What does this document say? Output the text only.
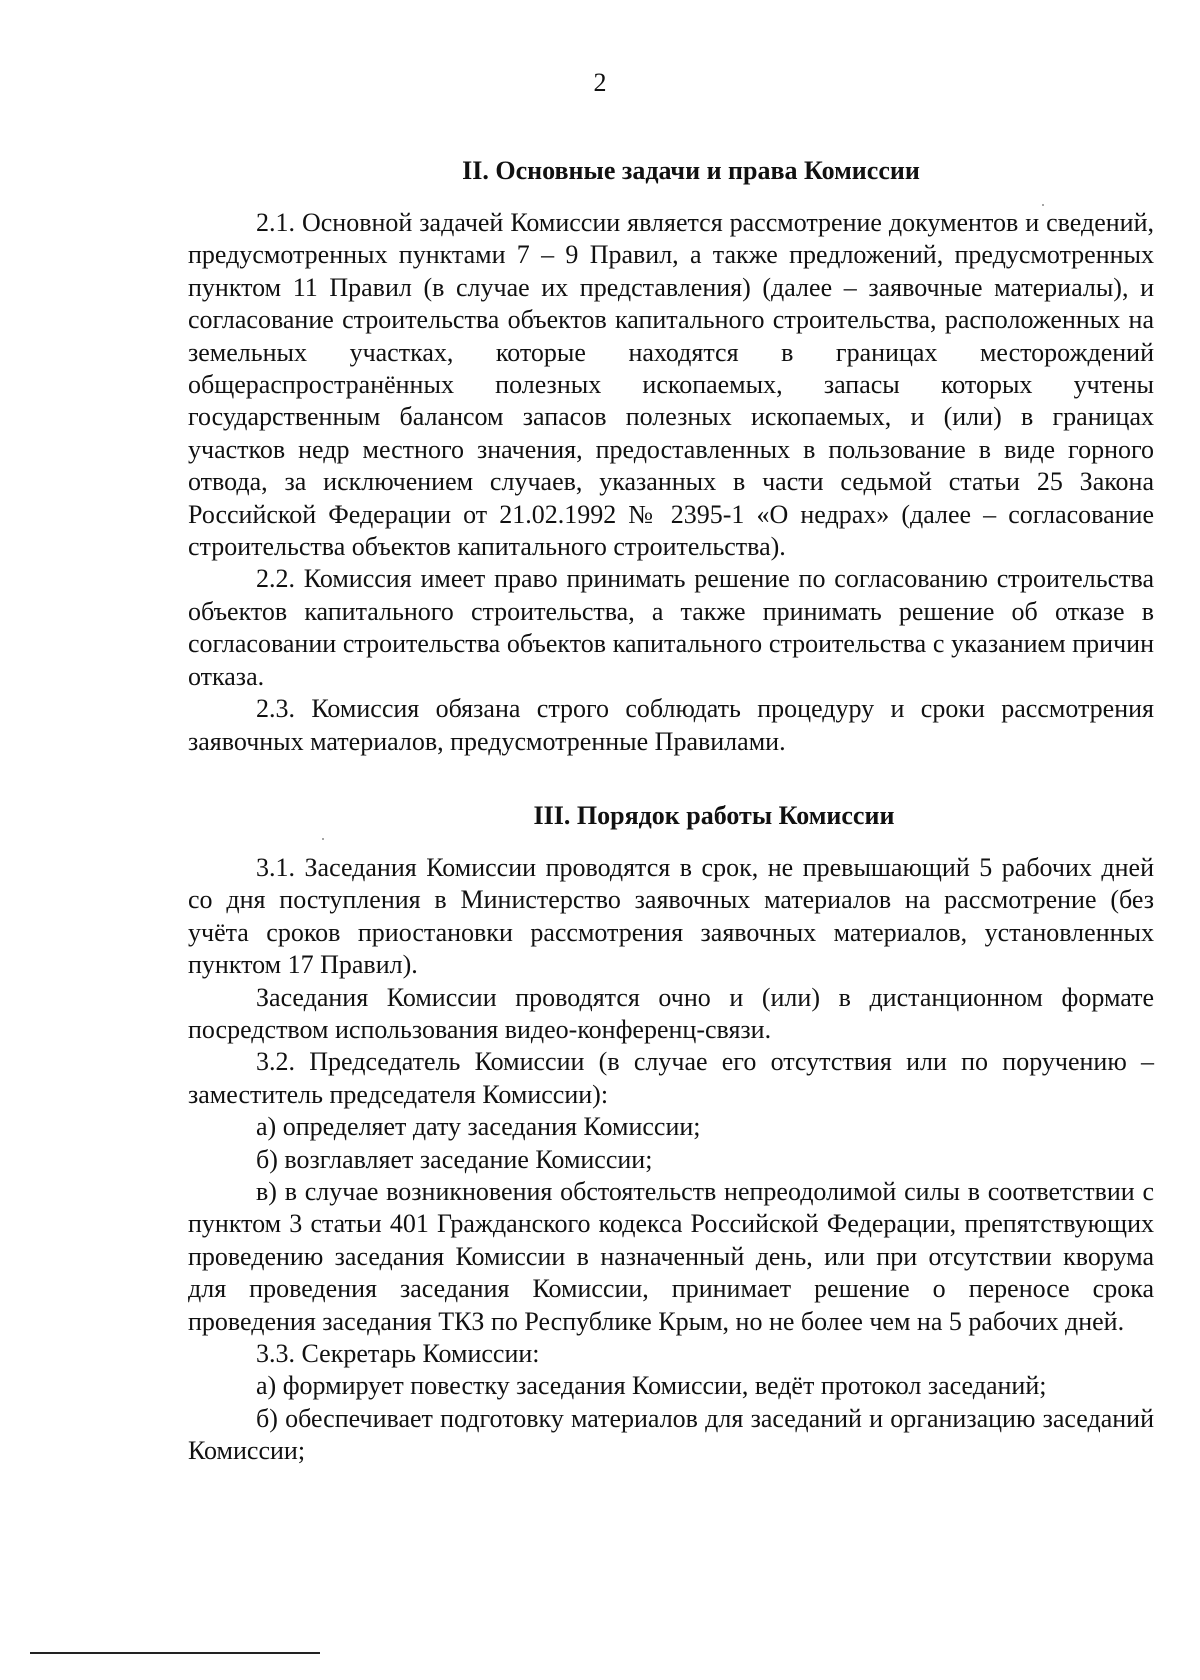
2
II. Основные задачи и права Комиссии

2.1. Основной задачей Комиссии является рассмотрение документов и сведений, предусмотренных пунктами 7 – 9 Правил, а также предложений, предусмотренных пунктом 11 Правил (в случае их представления) (далее – заявочные материалы), и согласование строительства объектов капитального строительства, расположенных на земельных участках, которые находятся в границах месторождений общераспространённых полезных ископаемых, запасы которых учтены государственным балансом запасов полезных ископаемых, и (или) в границах участков недр местного значения, предоставленных в пользование в виде горного отвода, за исключением случаев, указанных в части седьмой статьи 25 Закона Российской Федерации от 21.02.1992 № 2395-1 «О недрах» (далее – согласование строительства объектов капитального строительства).

2.2. Комиссия имеет право принимать решение по согласованию строительства объектов капитального строительства, а также принимать решение об отказе в согласовании строительства объектов капитального строительства с указанием причин отказа.

2.3. Комиссия обязана строго соблюдать процедуру и сроки рассмотрения заявочных материалов, предусмотренные Правилами.

III. Порядок работы Комиссии

3.1. Заседания Комиссии проводятся в срок, не превышающий 5 рабочих дней со дня поступления в Министерство заявочных материалов на рассмотрение (без учёта сроков приостановки рассмотрения заявочных материалов, установленных пунктом 17 Правил).

Заседания Комиссии проводятся очно и (или) в дистанционном формате посредством использования видео-конференц-связи.

3.2. Председатель Комиссии (в случае его отсутствия или по поручению – заместитель председателя Комиссии):

а) определяет дату заседания Комиссии;

б) возглавляет заседание Комиссии;

в) в случае возникновения обстоятельств непреодолимой силы в соответствии с пунктом 3 статьи 401 Гражданского кодекса Российской Федерации, препятствующих проведению заседания Комиссии в назначенный день, или при отсутствии кворума для проведения заседания Комиссии, принимает решение о переносе срока проведения заседания ТКЗ по Республике Крым, но не более чем на 5 рабочих дней.

3.3. Секретарь Комиссии:

а) формирует повестку заседания Комиссии, ведёт протокол заседаний;

б) обеспечивает подготовку материалов для заседаний и организацию заседаний Комиссии;
